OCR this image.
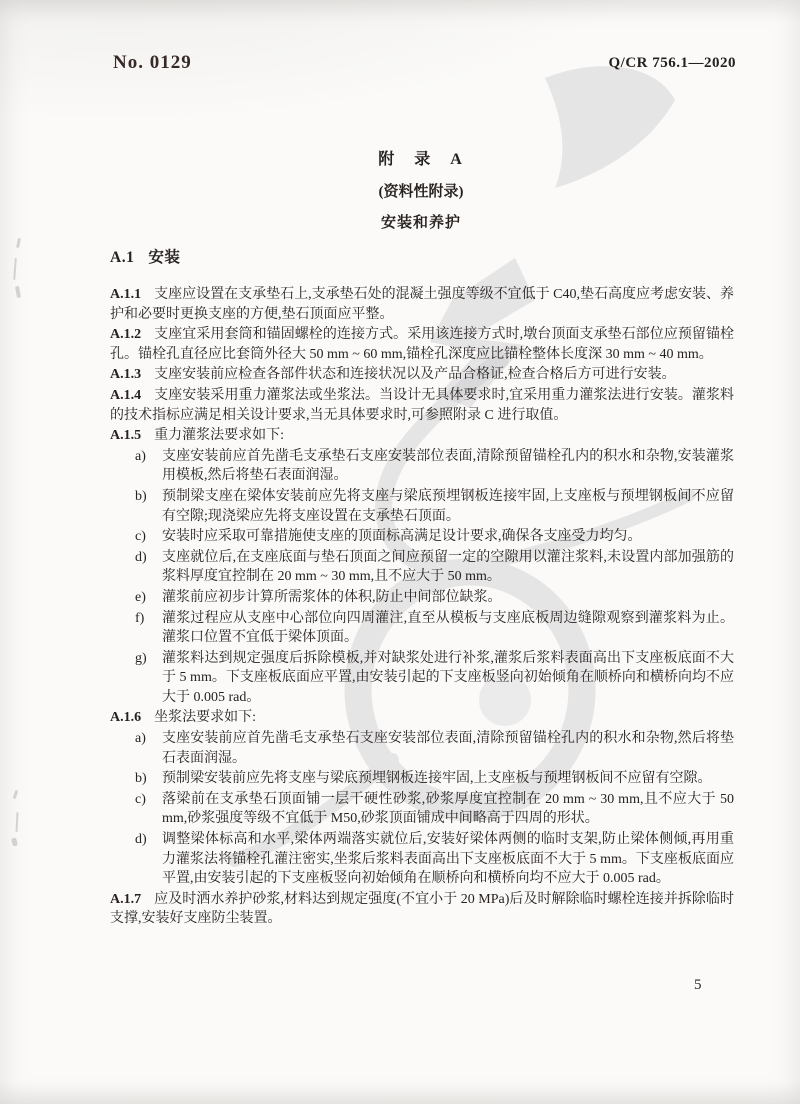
No. 0129	Q/CR 756.1—2020
附　录　A
(资料性附录)
安装和养护
A.1 安装

A.1.1 支座应设置在支承垫石上,支承垫石处的混凝土强度等级不宜低于 C40,垫石高度应考虑安装、养护和必要时更换支座的方便,垫石顶面应平整。

A.1.2 支座宜采用套筒和锚固螺栓的连接方式。采用该连接方式时,墩台顶面支承垫石部位应预留锚栓孔。锚栓孔直径应比套筒外径大 50 mm ~ 60 mm,锚栓孔深度应比锚栓整体长度深 30 mm ~ 40 mm。

A.1.3 支座安装前应检查各部件状态和连接状况以及产品合格证,检查合格后方可进行安装。

A.1.4 支座安装采用重力灌浆法或坐浆法。当设计无具体要求时,宜采用重力灌浆法进行安装。灌浆料的技术指标应满足相关设计要求,当无具体要求时,可参照附录 C 进行取值。

A.1.5 重力灌浆法要求如下:

a) 支座安装前应首先凿毛支承垫石支座安装部位表面,清除预留锚栓孔内的积水和杂物,安装灌浆用模板,然后将垫石表面润湿。
b) 预制梁支座在梁体安装前应先将支座与梁底预埋钢板连接牢固,上支座板与预埋钢板间不应留有空隙;现浇梁应先将支座设置在支承垫石顶面。
c) 安装时应采取可靠措施使支座的顶面标高满足设计要求,确保各支座受力均匀。
d) 支座就位后,在支座底面与垫石顶面之间应预留一定的空隙用以灌注浆料,未设置内部加强筋的浆料厚度宜控制在 20 mm ~ 30 mm,且不应大于 50 mm。
e) 灌浆前应初步计算所需浆体的体积,防止中间部位缺浆。
f) 灌浆过程应从支座中心部位向四周灌注,直至从模板与支座底板周边缝隙观察到灌浆料为止。灌浆口位置不宜低于梁体顶面。
g) 灌浆料达到规定强度后拆除模板,并对缺浆处进行补浆,灌浆后浆料表面高出下支座板底面不大于 5 mm。下支座板底面应平置,由安装引起的下支座板竖向初始倾角在顺桥向和横桥向均不应大于 0.005 rad。

A.1.6 坐浆法要求如下:

a) 支座安装前应首先凿毛支承垫石支座安装部位表面,清除预留锚栓孔内的积水和杂物,然后将垫石表面润湿。
b) 预制梁安装前应先将支座与梁底预埋钢板连接牢固,上支座板与预埋钢板间不应留有空隙。
c) 落梁前在支承垫石顶面铺一层干硬性砂浆,砂浆厚度宜控制在 20 mm ~ 30 mm,且不应大于 50 mm,砂浆强度等级不宜低于 M50,砂浆顶面铺成中间略高于四周的形状。
d) 调整梁体标高和水平,梁体两端落实就位后,安装好梁体两侧的临时支架,防止梁体侧倾,再用重力灌浆法将锚栓孔灌注密实,坐浆后浆料表面高出下支座板底面不大于 5 mm。下支座板底面应平置,由安装引起的下支座板竖向初始倾角在顺桥向和横桥向均不应大于 0.005 rad。

A.1.7 应及时洒水养护砂浆,材料达到规定强度(不宜小于 20 MPa)后及时解除临时螺栓连接并拆除临时支撑,安装好支座防尘装置。

5
